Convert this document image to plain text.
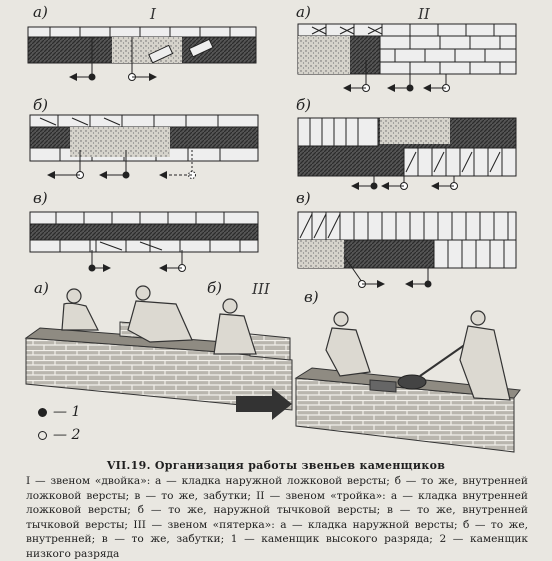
а)	I
б)
в)
а)	II
б)
в)
а)	б) III в)
— 1
— 2
VII.19. Организация работы звеньев каменщиков
I — звеном «двойка»: а — кладка наружной ложковой версты; б — то же, внутренней ложковой версты; в — то же, забутки; II — звеном «тройка»: а — кладка внутренней ложковой версты; б — то же, наружной тычковой версты; в — то же, внутренней тычковой версты; III — звеном «пятерка»: а — кладка наружной версты; б — то же, внутренней; в — то же, забутки; 1 — каменщик высокого разряда; 2 — каменщик низкого разряда
